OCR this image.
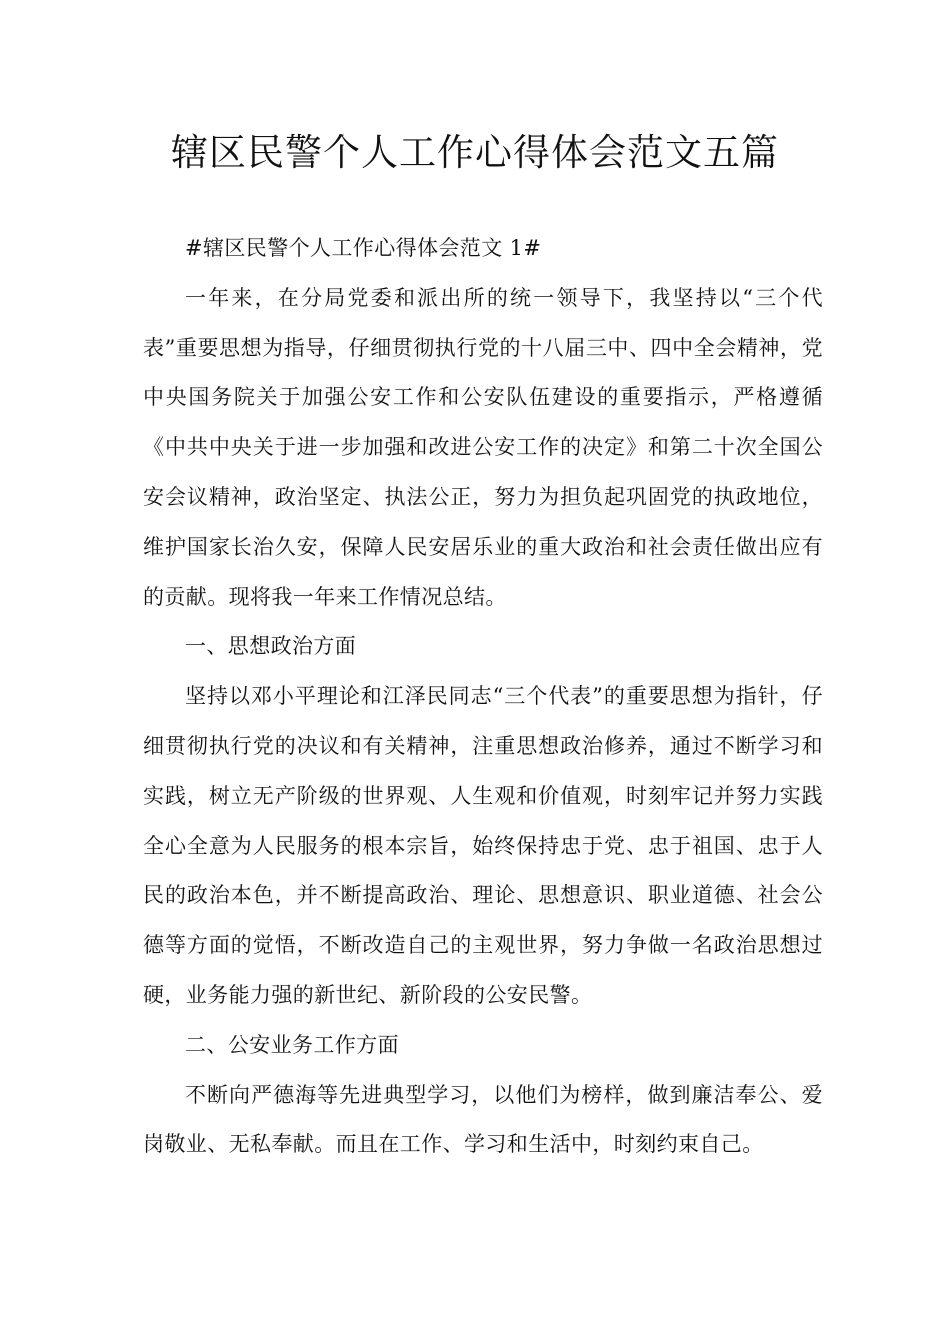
辖区民警个人工作心得体会范文五篇

#辖区民警个人工作心得体会范文 1#

一年来，在分局党委和派出所的统一领导下，我坚持以“三个代表”重要思想为指导，仔细贯彻执行党的十八届三中、四中全会精神，党中央国务院关于加强公安工作和公安队伍建设的重要指示，严格遵循《中共中央关于进一步加强和改进公安工作的决定》和第二十次全国公安会议精神，政治坚定、执法公正，努力为担负起巩固党的执政地位，维护国家长治久安，保障人民安居乐业的重大政治和社会责任做出应有的贡献。现将我一年来工作情况总结。

一、思想政治方面

坚持以邓小平理论和江泽民同志“三个代表”的重要思想为指针，仔细贯彻执行党的决议和有关精神，注重思想政治修养，通过不断学习和实践，树立无产阶级的世界观、人生观和价值观，时刻牢记并努力实践全心全意为人民服务的根本宗旨，始终保持忠于党、忠于祖国、忠于人民的政治本色，并不断提高政治、理论、思想意识、职业道德、社会公德等方面的觉悟，不断改造自己的主观世界，努力争做一名政治思想过硬，业务能力强的新世纪、新阶段的公安民警。

二、公安业务工作方面

不断向严德海等先进典型学习，以他们为榜样，做到廉洁奉公、爱岗敬业、无私奉献。而且在工作、学习和生活中，时刻约束自己。
